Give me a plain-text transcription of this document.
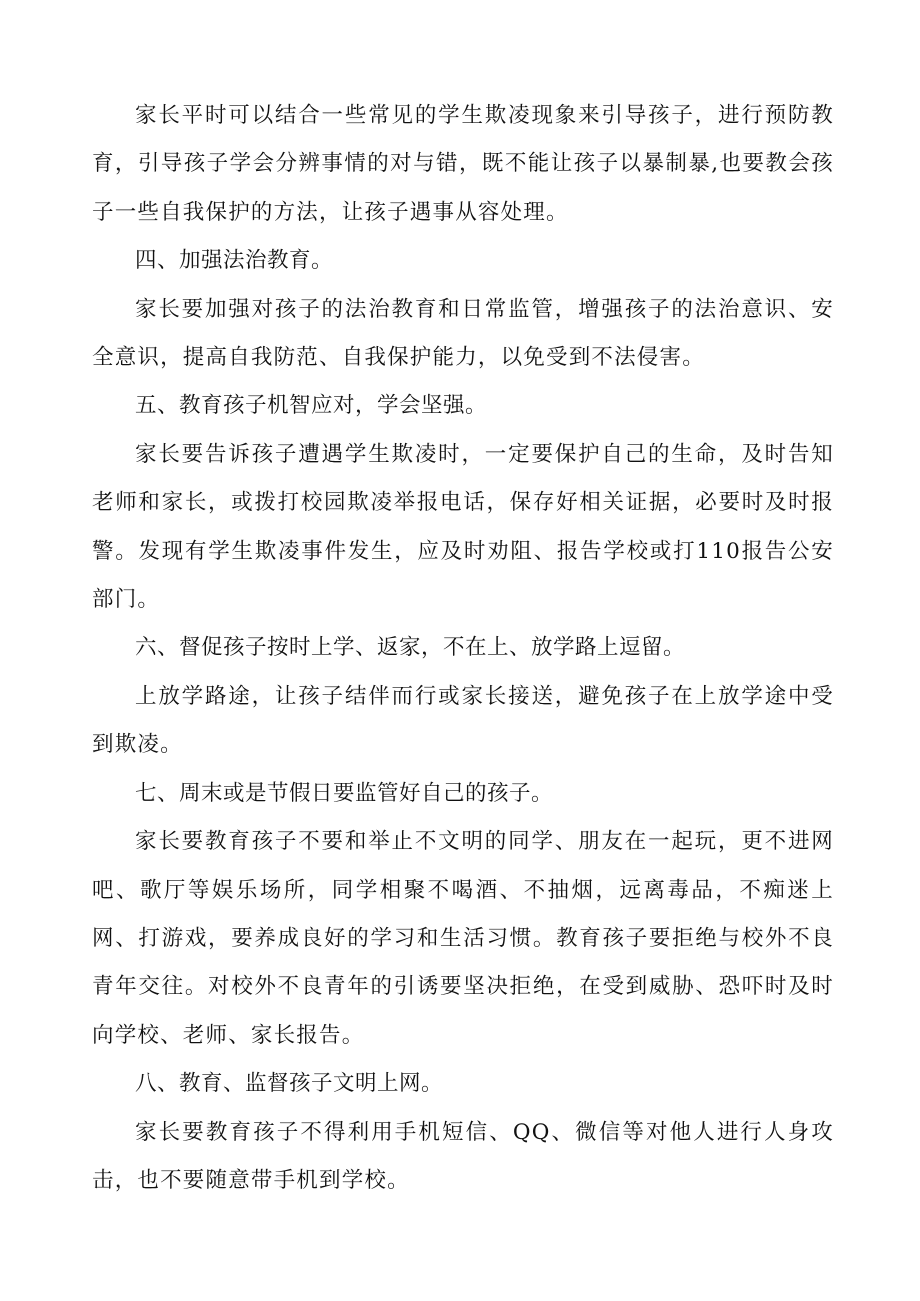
家长平时可以结合一些常见的学生欺凌现象来引导孩子，进行预防教育，引导孩子学会分辨事情的对与错，既不能让孩子以暴制暴,也要教会孩子一些自我保护的方法，让孩子遇事从容处理。

四、加强法治教育。

家长要加强对孩子的法治教育和日常监管，增强孩子的法治意识、安全意识，提高自我防范、自我保护能力，以免受到不法侵害。

五、教育孩子机智应对，学会坚强。

家长要告诉孩子遭遇学生欺凌时，一定要保护自己的生命，及时告知老师和家长，或拨打校园欺凌举报电话，保存好相关证据，必要时及时报警。发现有学生欺凌事件发生，应及时劝阻、报告学校或打110报告公安部门。

六、督促孩子按时上学、返家，不在上、放学路上逗留。

上放学路途，让孩子结伴而行或家长接送，避免孩子在上放学途中受到欺凌。

七、周末或是节假日要监管好自己的孩子。

家长要教育孩子不要和举止不文明的同学、朋友在一起玩，更不进网吧、歌厅等娱乐场所，同学相聚不喝酒、不抽烟，远离毒品，不痴迷上网、打游戏，要养成良好的学习和生活习惯。教育孩子要拒绝与校外不良青年交往。对校外不良青年的引诱要坚决拒绝，在受到威胁、恐吓时及时向学校、老师、家长报告。

八、教育、监督孩子文明上网。

家长要教育孩子不得利用手机短信、QQ、微信等对他人进行人身攻击，也不要随意带手机到学校。
